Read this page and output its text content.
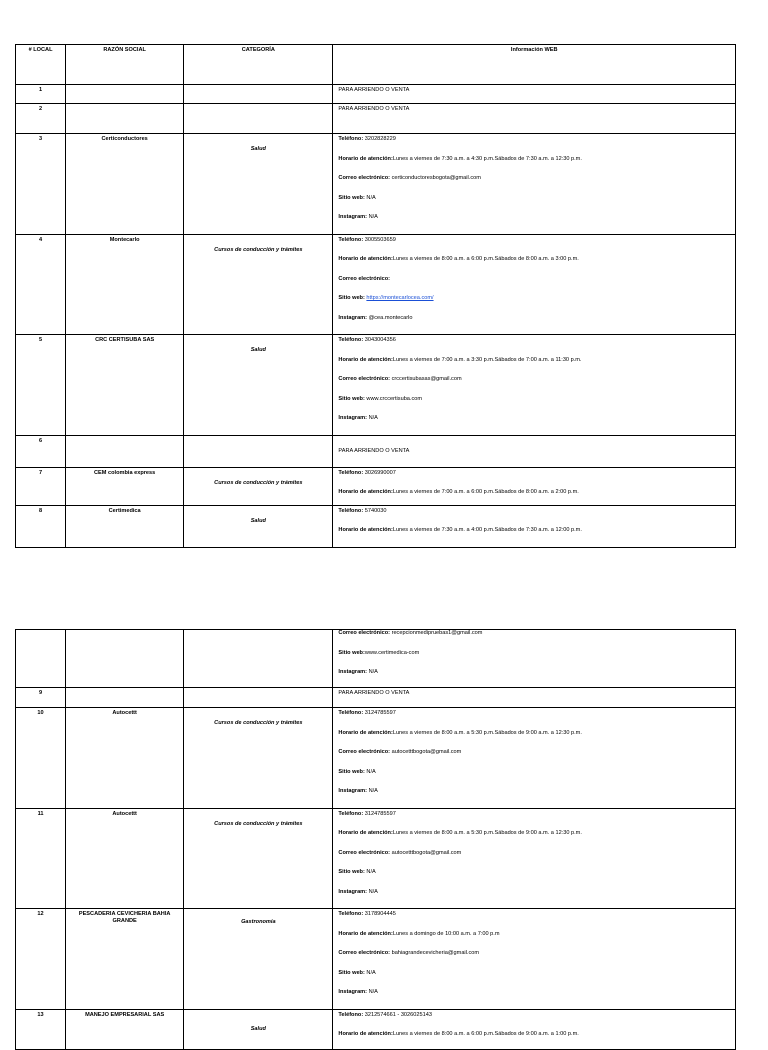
# LOCAL	RAZÓN SOCIAL	CATEGORÍA	Información WEB
1			PARA ARRIENDO O VENTA

2			PARA ARRIENDO O VENTA

3	Certiconductores	Salud	Teléfono: 3202828229
Horario de atención:Lunes a viernes de 7:30 a.m. a 4:30 p.m.Sábados de 7:30 a.m. a 12:30 p.m.
Correo electrónico: certiconductoresbogota@gmail.com
Sitio web: N/A
Instagram: N/A

4	Montecarlo	Cursos de conducción y trámites	Teléfono: 3005503659
Horario de atención:Lunes a viernes de 8:00 a.m. a 6:00 p.m.Sábados de 8:00 a.m. a 3:00 p.m.
Correo electrónico:
Sitio web: https://montecarlocea.com/
Instagram: @cea.montecarlo

5	CRC CERTISUBA SAS	Salud	Teléfono: 3043004356
Horario de atención:Lunes a viernes de 7:00 a.m. a 3:30 p.m.Sábados de 7:00 a.m. a 11:30 p.m.
Correo electrónico: crccertisubasas@gmail.com
Sitio web: www.crccertisuba.com
Instagram: N/A

6			PARA ARRIENDO O VENTA

7	CEM colombia express	Cursos de conducción y trámites	Teléfono: 3026990007
Horario de atención:Lunes a viernes de 7:00 a.m. a 6:00 p.m.Sábados de 8:00 a.m. a 2:00 p.m.

8	Certimedica	Salud	Teléfono: 5740030
Horario de atención:Lunes a viernes de 7:30 a.m. a 4:00 p.m.Sábados de 7:30 a.m. a 12:00 p.m.

			Correo electrónico: recepcionmedipruebas1@gmail.com
Sitio web:www.certimedica-com
Instagram: N/A

9			PARA ARRIENDO O VENTA

10	Autocettt	Cursos de conducción y trámites	Teléfono: 3124785597
Horario de atención:Lunes a viernes de 8:00 a.m. a 5:30 p.m.Sábados de 9:00 a.m. a 12:30 p.m.
Correo electrónico: autocetttbogota@gmail.com
Sitio web: N/A
Instagram: N/A

11	Autocettt	Cursos de conducción y trámites	Teléfono: 3124785597
Horario de atención:Lunes a viernes de 8:00 a.m. a 5:30 p.m.Sábados de 9:00 a.m. a 12:30 p.m.
Correo electrónico: autocetttbogota@gmail.com
Sitio web: N/A
Instagram: N/A

12	PESCADERIA CEVICHERIA BAHIA GRANDE	Gastronomía	Teléfono: 3178904445
Horario de atención:Lunes a domingo de 10:00 a.m. a 7:00 p.m
Correo electrónico: bahiagrandecevicheria@gmail.com
Sitio web: N/A
Instagram: N/A

13	MANEJO EMPRESARIAL SAS	Salud	Teléfono: 3212574661 - 3026025143
Horario de atención:Lunes a viernes de 8:00 a.m. a 6:00 p.m.Sábados de 9:00 a.m. a 1:00 p.m.
